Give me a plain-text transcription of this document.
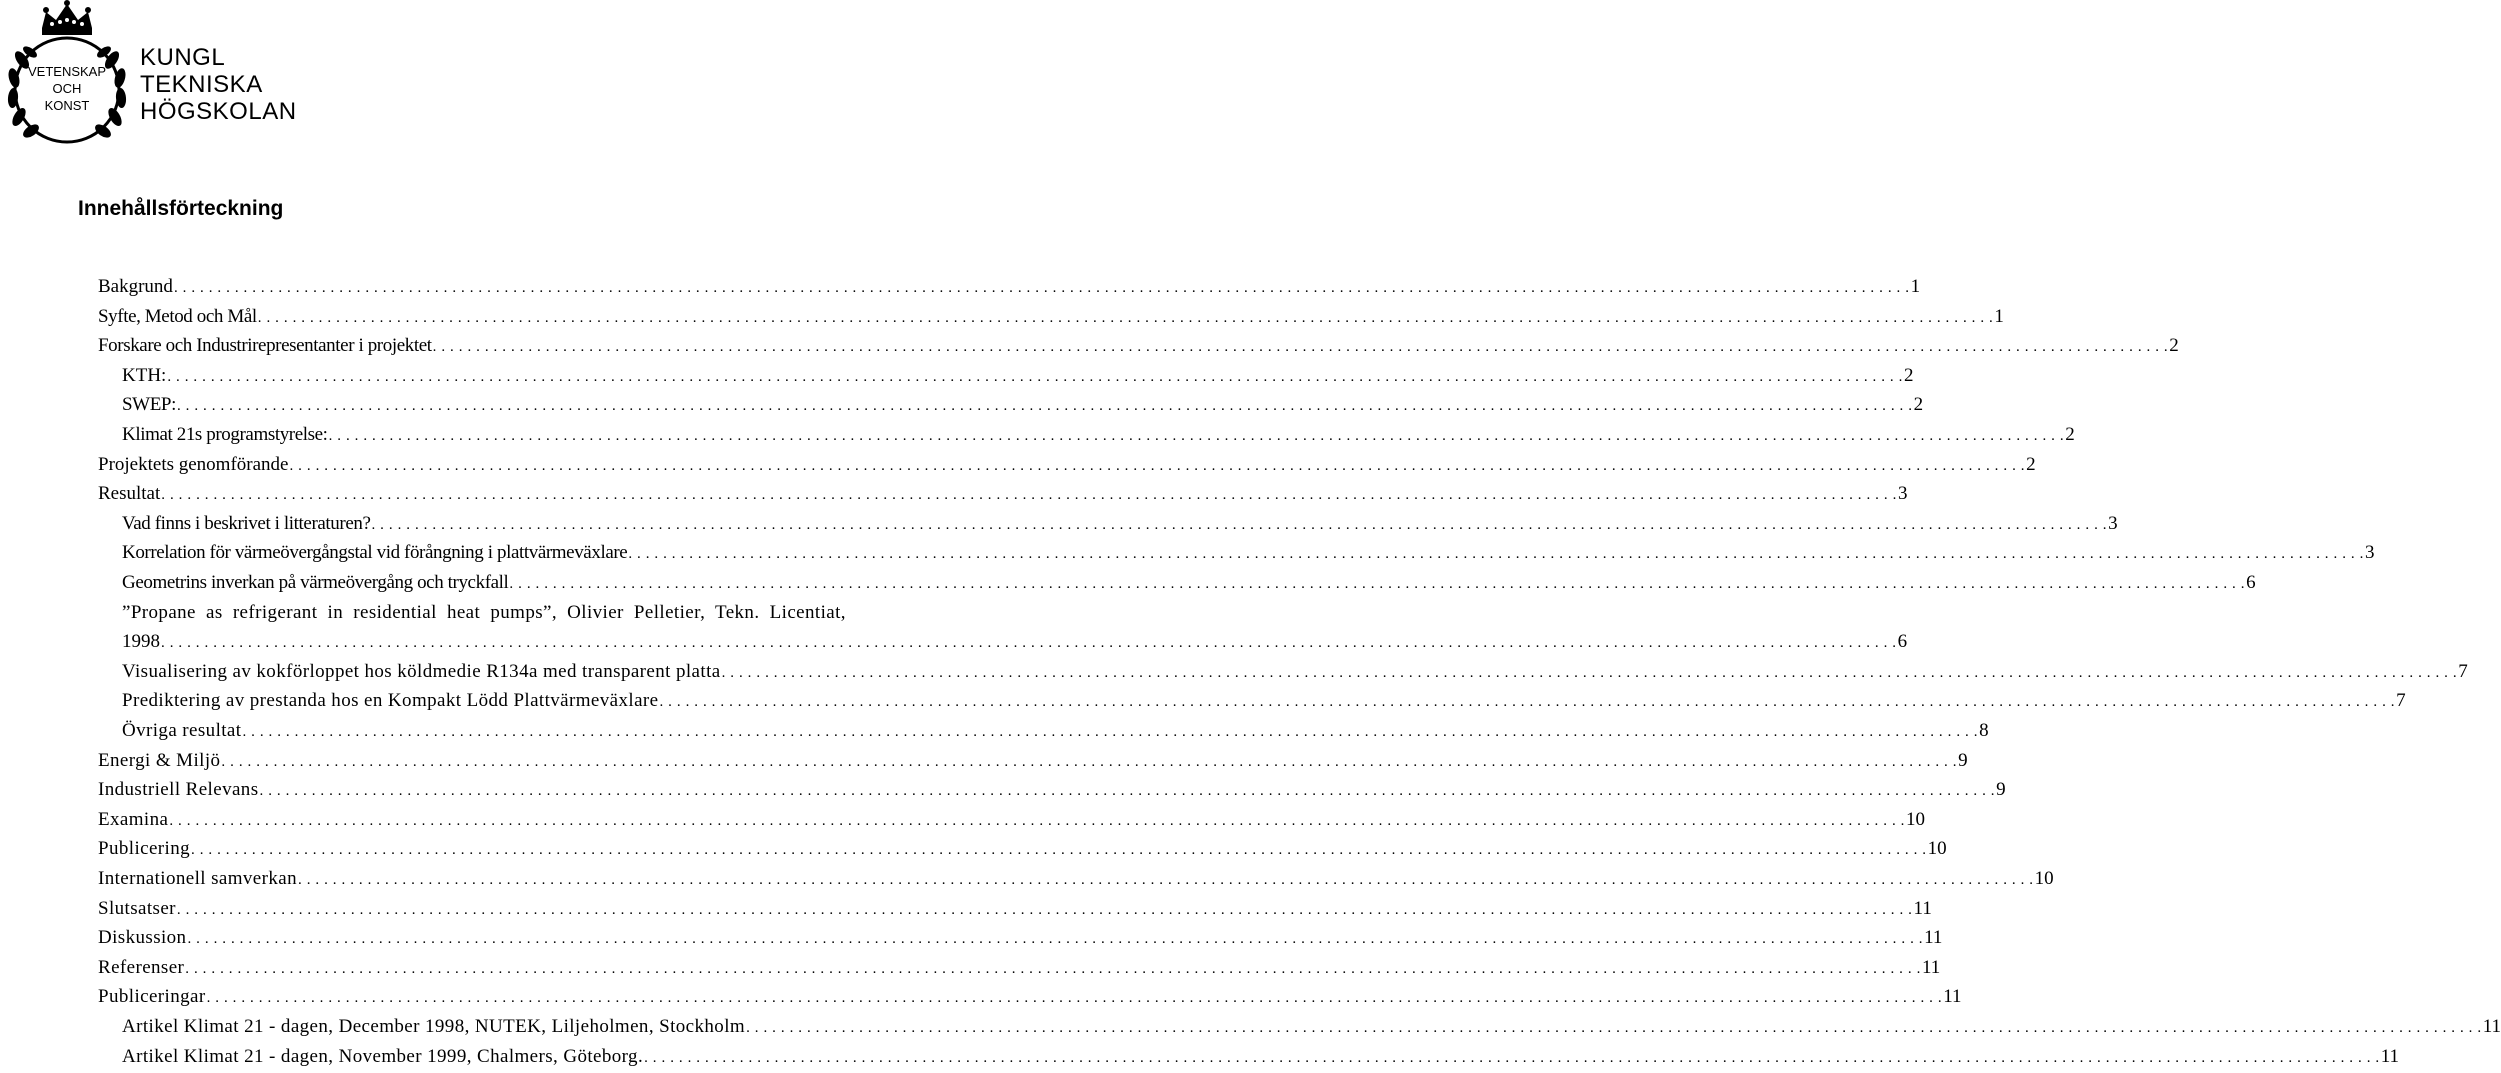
VETENSKAP
OCH
KONST
KUNGL
TEKNISKA
HÖGSKOLAN
Innehållsförteckning
Bakgrund . . . . . . . . . . . . . . . . . . . . . . . . . . . . . . . . . . . . . . . . . . . . . . . . . . . . . . . . . . . . . . . . . . . . . . . . . . . . . . . . . . . . . . . . . . . . . . . . . . . . . . . . . . . . . . . . . . . . . . . . . . . . . . . . . . . . . . . . . . . . . . . . . . . . . . . . . . . . . . . . . . . . . . . . . . . . . . . . . . . . . . . . . . . . . . . . . . . . . . . . 1
Syfte, Metod och Mål . . . . . . . . . . . . . . . . . . . . . . . . . . . . . . . . . . . . . . . . . . . . . . . . . . . . . . . . . . . . . . . . . . . . . . . . . . . . . . . . . . . . . . . . . . . . . . . . . . . . . . . . . . . . . . . . . . . . . . . . . . . . . . . . . . . . . . . . . . . . . . . . . . . . . . . . . . . . . . . . . . . . . . . . . . . . . . . . . . . . . . . . . . . . . . . . . . . . . . . . 1
Forskare och Industrirepresentanter i projektet . . . . . . . . . . . . . . . . . . . . . . . . . . . . . . . . . . . . . . . . . . . . . . . . . . . . . . . . . . . . . . . . . . . . . . . . . . . . . . . . . . . . . . . . . . . . . . . . . . . . . . . . . . . . . . . . . . . . . . . . . . . . . . . . . . . . . . . . . . . . . . . . . . . . . . . . . . . . . . . . . . . . . . . . . . . . . . . . . . . . . . . . . . . . . . . . . . . . . . . . 2
KTH: . . . . . . . . . . . . . . . . . . . . . . . . . . . . . . . . . . . . . . . . . . . . . . . . . . . . . . . . . . . . . . . . . . . . . . . . . . . . . . . . . . . . . . . . . . . . . . . . . . . . . . . . . . . . . . . . . . . . . . . . . . . . . . . . . . . . . . . . . . . . . . . . . . . . . . . . . . . . . . . . . . . . . . . . . . . . . . . . . . . . . . . . . . . . . . . . . . . . . . . . 2
SWEP: . . . . . . . . . . . . . . . . . . . . . . . . . . . . . . . . . . . . . . . . . . . . . . . . . . . . . . . . . . . . . . . . . . . . . . . . . . . . . . . . . . . . . . . . . . . . . . . . . . . . . . . . . . . . . . . . . . . . . . . . . . . . . . . . . . . . . . . . . . . . . . . . . . . . . . . . . . . . . . . . . . . . . . . . . . . . . . . . . . . . . . . . . . . . . . . . . . . . . . . . 2
Klimat 21s programstyrelse: . . . . . . . . . . . . . . . . . . . . . . . . . . . . . . . . . . . . . . . . . . . . . . . . . . . . . . . . . . . . . . . . . . . . . . . . . . . . . . . . . . . . . . . . . . . . . . . . . . . . . . . . . . . . . . . . . . . . . . . . . . . . . . . . . . . . . . . . . . . . . . . . . . . . . . . . . . . . . . . . . . . . . . . . . . . . . . . . . . . . . . . . . . . . . . . . . . . . . . . . 2
Projektets genomförande . . . . . . . . . . . . . . . . . . . . . . . . . . . . . . . . . . . . . . . . . . . . . . . . . . . . . . . . . . . . . . . . . . . . . . . . . . . . . . . . . . . . . . . . . . . . . . . . . . . . . . . . . . . . . . . . . . . . . . . . . . . . . . . . . . . . . . . . . . . . . . . . . . . . . . . . . . . . . . . . . . . . . . . . . . . . . . . . . . . . . . . . . . . . . . . . . . . . . . . . 2
Resultat . . . . . . . . . . . . . . . . . . . . . . . . . . . . . . . . . . . . . . . . . . . . . . . . . . . . . . . . . . . . . . . . . . . . . . . . . . . . . . . . . . . . . . . . . . . . . . . . . . . . . . . . . . . . . . . . . . . . . . . . . . . . . . . . . . . . . . . . . . . . . . . . . . . . . . . . . . . . . . . . . . . . . . . . . . . . . . . . . . . . . . . . . . . . . . . . . . . . . . . . 3
Vad finns i beskrivet i litteraturen? . . . . . . . . . . . . . . . . . . . . . . . . . . . . . . . . . . . . . . . . . . . . . . . . . . . . . . . . . . . . . . . . . . . . . . . . . . . . . . . . . . . . . . . . . . . . . . . . . . . . . . . . . . . . . . . . . . . . . . . . . . . . . . . . . . . . . . . . . . . . . . . . . . . . . . . . . . . . . . . . . . . . . . . . . . . . . . . . . . . . . . . . . . . . . . . . . . . . . . . . 3
Korrelation för värmeövergångstal vid förångning i plattvärmeväxlare . . . . . . . . . . . . . . . . . . . . . . . . . . . . . . . . . . . . . . . . . . . . . . . . . . . . . . . . . . . . . . . . . . . . . . . . . . . . . . . . . . . . . . . . . . . . . . . . . . . . . . . . . . . . . . . . . . . . . . . . . . . . . . . . . . . . . . . . . . . . . . . . . . . . . . . . . . . . . . . . . . . . . . . . . . . . . . . . . . . . . . . . . . . . . . . . . . . . . . . . 3
Geometrins inverkan på värmeövergång och tryckfall . . . . . . . . . . . . . . . . . . . . . . . . . . . . . . . . . . . . . . . . . . . . . . . . . . . . . . . . . . . . . . . . . . . . . . . . . . . . . . . . . . . . . . . . . . . . . . . . . . . . . . . . . . . . . . . . . . . . . . . . . . . . . . . . . . . . . . . . . . . . . . . . . . . . . . . . . . . . . . . . . . . . . . . . . . . . . . . . . . . . . . . . . . . . . . . . . . . . . . . . 6
”Propane as refrigerant in residential heat pumps”, Olivier Pelletier, Tekn. Licentiat,
1998 . . . . . . . . . . . . . . . . . . . . . . . . . . . . . . . . . . . . . . . . . . . . . . . . . . . . . . . . . . . . . . . . . . . . . . . . . . . . . . . . . . . . . . . . . . . . . . . . . . . . . . . . . . . . . . . . . . . . . . . . . . . . . . . . . . . . . . . . . . . . . . . . . . . . . . . . . . . . . . . . . . . . . . . . . . . . . . . . . . . . . . . . . . . . . . . . . . . . . . . . 6
Visualisering av kokförloppet hos köldmedie R134a med transparent platta . . . . . . . . . . . . . . . . . . . . . . . . . . . . . . . . . . . . . . . . . . . . . . . . . . . . . . . . . . . . . . . . . . . . . . . . . . . . . . . . . . . . . . . . . . . . . . . . . . . . . . . . . . . . . . . . . . . . . . . . . . . . . . . . . . . . . . . . . . . . . . . . . . . . . . . . . . . . . . . . . . . . . . . . . . . . . . . . . . . . . . . . . . . . . . . . . . . . . . . . 7
Prediktering av prestanda hos en Kompakt Lödd Plattvärmeväxlare . . . . . . . . . . . . . . . . . . . . . . . . . . . . . . . . . . . . . . . . . . . . . . . . . . . . . . . . . . . . . . . . . . . . . . . . . . . . . . . . . . . . . . . . . . . . . . . . . . . . . . . . . . . . . . . . . . . . . . . . . . . . . . . . . . . . . . . . . . . . . . . . . . . . . . . . . . . . . . . . . . . . . . . . . . . . . . . . . . . . . . . . . . . . . . . . . . . . . . . . 7
Övriga resultat . . . . . . . . . . . . . . . . . . . . . . . . . . . . . . . . . . . . . . . . . . . . . . . . . . . . . . . . . . . . . . . . . . . . . . . . . . . . . . . . . . . . . . . . . . . . . . . . . . . . . . . . . . . . . . . . . . . . . . . . . . . . . . . . . . . . . . . . . . . . . . . . . . . . . . . . . . . . . . . . . . . . . . . . . . . . . . . . . . . . . . . . . . . . . . . . . . . . . . . . 8
Energi & Miljö . . . . . . . . . . . . . . . . . . . . . . . . . . . . . . . . . . . . . . . . . . . . . . . . . . . . . . . . . . . . . . . . . . . . . . . . . . . . . . . . . . . . . . . . . . . . . . . . . . . . . . . . . . . . . . . . . . . . . . . . . . . . . . . . . . . . . . . . . . . . . . . . . . . . . . . . . . . . . . . . . . . . . . . . . . . . . . . . . . . . . . . . . . . . . . . . . . . . . . . . 9
Industriell Relevans . . . . . . . . . . . . . . . . . . . . . . . . . . . . . . . . . . . . . . . . . . . . . . . . . . . . . . . . . . . . . . . . . . . . . . . . . . . . . . . . . . . . . . . . . . . . . . . . . . . . . . . . . . . . . . . . . . . . . . . . . . . . . . . . . . . . . . . . . . . . . . . . . . . . . . . . . . . . . . . . . . . . . . . . . . . . . . . . . . . . . . . . . . . . . . . . . . . . . . . . 9
Examina . . . . . . . . . . . . . . . . . . . . . . . . . . . . . . . . . . . . . . . . . . . . . . . . . . . . . . . . . . . . . . . . . . . . . . . . . . . . . . . . . . . . . . . . . . . . . . . . . . . . . . . . . . . . . . . . . . . . . . . . . . . . . . . . . . . . . . . . . . . . . . . . . . . . . . . . . . . . . . . . . . . . . . . . . . . . . . . . . . . . . . . . . . . . . . . . . . . . . . . . 10
Publicering . . . . . . . . . . . . . . . . . . . . . . . . . . . . . . . . . . . . . . . . . . . . . . . . . . . . . . . . . . . . . . . . . . . . . . . . . . . . . . . . . . . . . . . . . . . . . . . . . . . . . . . . . . . . . . . . . . . . . . . . . . . . . . . . . . . . . . . . . . . . . . . . . . . . . . . . . . . . . . . . . . . . . . . . . . . . . . . . . . . . . . . . . . . . . . . . . . . . . . . . 10
Internationell samverkan . . . . . . . . . . . . . . . . . . . . . . . . . . . . . . . . . . . . . . . . . . . . . . . . . . . . . . . . . . . . . . . . . . . . . . . . . . . . . . . . . . . . . . . . . . . . . . . . . . . . . . . . . . . . . . . . . . . . . . . . . . . . . . . . . . . . . . . . . . . . . . . . . . . . . . . . . . . . . . . . . . . . . . . . . . . . . . . . . . . . . . . . . . . . . . . . . . . . . . . . 10
Slutsatser . . . . . . . . . . . . . . . . . . . . . . . . . . . . . . . . . . . . . . . . . . . . . . . . . . . . . . . . . . . . . . . . . . . . . . . . . . . . . . . . . . . . . . . . . . . . . . . . . . . . . . . . . . . . . . . . . . . . . . . . . . . . . . . . . . . . . . . . . . . . . . . . . . . . . . . . . . . . . . . . . . . . . . . . . . . . . . . . . . . . . . . . . . . . . . . . . . . . . . . . 11
Diskussion . . . . . . . . . . . . . . . . . . . . . . . . . . . . . . . . . . . . . . . . . . . . . . . . . . . . . . . . . . . . . . . . . . . . . . . . . . . . . . . . . . . . . . . . . . . . . . . . . . . . . . . . . . . . . . . . . . . . . . . . . . . . . . . . . . . . . . . . . . . . . . . . . . . . . . . . . . . . . . . . . . . . . . . . . . . . . . . . . . . . . . . . . . . . . . . . . . . . . . . . 11
Referenser . . . . . . . . . . . . . . . . . . . . . . . . . . . . . . . . . . . . . . . . . . . . . . . . . . . . . . . . . . . . . . . . . . . . . . . . . . . . . . . . . . . . . . . . . . . . . . . . . . . . . . . . . . . . . . . . . . . . . . . . . . . . . . . . . . . . . . . . . . . . . . . . . . . . . . . . . . . . . . . . . . . . . . . . . . . . . . . . . . . . . . . . . . . . . . . . . . . . . . . . 11
Publiceringar . . . . . . . . . . . . . . . . . . . . . . . . . . . . . . . . . . . . . . . . . . . . . . . . . . . . . . . . . . . . . . . . . . . . . . . . . . . . . . . . . . . . . . . . . . . . . . . . . . . . . . . . . . . . . . . . . . . . . . . . . . . . . . . . . . . . . . . . . . . . . . . . . . . . . . . . . . . . . . . . . . . . . . . . . . . . . . . . . . . . . . . . . . . . . . . . . . . . . . . . 11
Artikel Klimat 21 - dagen, December 1998, NUTEK, Liljeholmen, Stockholm . . . . . . . . . . . . . . . . . . . . . . . . . . . . . . . . . . . . . . . . . . . . . . . . . . . . . . . . . . . . . . . . . . . . . . . . . . . . . . . . . . . . . . . . . . . . . . . . . . . . . . . . . . . . . . . . . . . . . . . . . . . . . . . . . . . . . . . . . . . . . . . . . . . . . . . . . . . . . . . . . . . . . . . . . . . . . . . . . . . . . . . . . . . . . . . . . . . . . . . . 11
Artikel Klimat 21 - dagen, November 1999, Chalmers, Göteborg. . . . . . . . . . . . . . . . . . . . . . . . . . . . . . . . . . . . . . . . . . . . . . . . . . . . . . . . . . . . . . . . . . . . . . . . . . . . . . . . . . . . . . . . . . . . . . . . . . . . . . . . . . . . . . . . . . . . . . . . . . . . . . . . . . . . . . . . . . . . . . . . . . . . . . . . . . . . . . . . . . . . . . . . . . . . . . . . . . . . . . . . . . . . . . . . . . . . . . . . . 11
